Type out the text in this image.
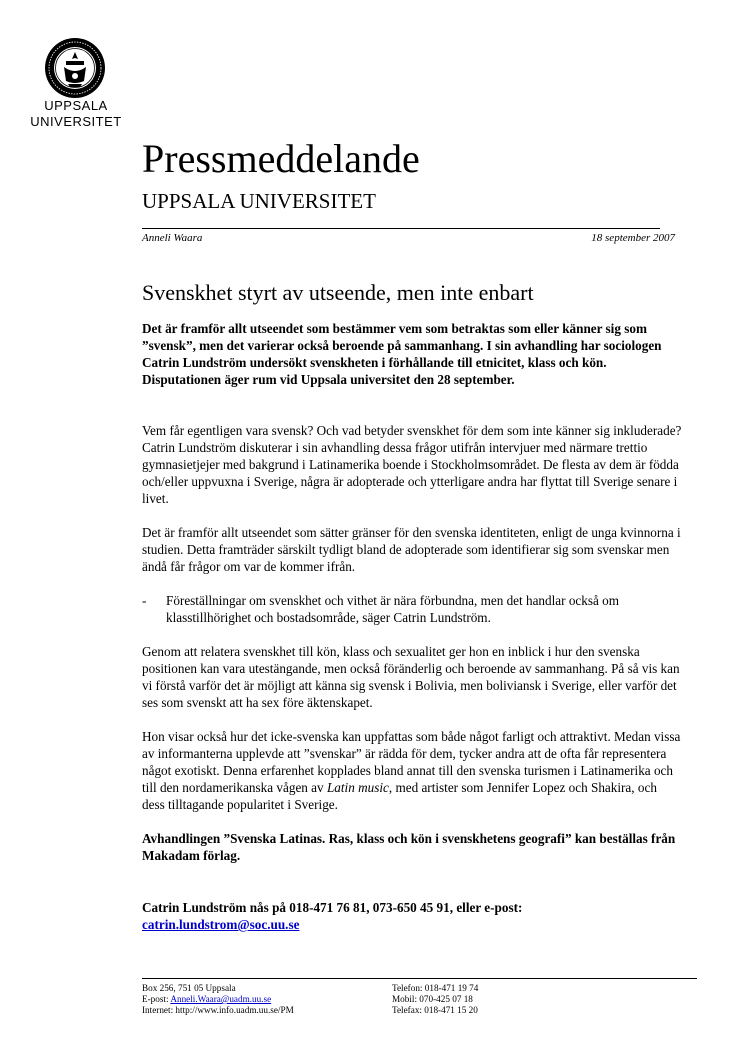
UPPSALA
UNIVERSITET
Pressmeddelande
UPPSALA UNIVERSITET
Anneli Waara	18 september 2007
Svenskhet styrt av utseende, men inte enbart

Det är framför allt utseendet som bestämmer vem som betraktas som eller känner sig som ”svensk”, men det varierar också beroende på sammanhang. I sin avhandling har sociologen Catrin Lundström undersökt svenskheten i förhållande till etnicitet, klass och kön. Disputationen äger rum vid Uppsala universitet den 28 september.

Vem får egentligen vara svensk? Och vad betyder svenskhet för dem som inte känner sig inkluderade? Catrin Lundström diskuterar i sin avhandling dessa frågor utifrån intervjuer med närmare trettio gymnasietjejer med bakgrund i Latinamerika boende i Stockholmsområdet. De flesta av dem är födda och/eller uppvuxna i Sverige, några är adopterade och ytterligare andra har flyttat till Sverige senare i livet.

Det är framför allt utseendet som sätter gränser för den svenska identiteten, enligt de unga kvinnorna i studien. Detta framträder särskilt tydligt bland de adopterade som identifierar sig som svenskar men ändå får frågor om var de kommer ifrån.

- Föreställningar om svenskhet och vithet är nära förbundna, men det handlar också om klasstillhörighet och bostadsområde, säger Catrin Lundström.

Genom att relatera svenskhet till kön, klass och sexualitet ger hon en inblick i hur den svenska positionen kan vara utestängande, men också föränderlig och beroende av sammanhang. På så vis kan vi förstå varför det är möjligt att känna sig svensk i Bolivia, men boliviansk i Sverige, eller varför det ses som svenskt att ha sex före äktenskapet.

Hon visar också hur det icke-svenska kan uppfattas som både något farligt och attraktivt. Medan vissa av informanterna upplevde att ”svenskar” är rädda för dem, tycker andra att de ofta får representera något exotiskt. Denna erfarenhet kopplades bland annat till den svenska turismen i Latinamerika och till den nordamerikanska vågen av Latin music, med artister som Jennifer Lopez och Shakira, och dess tilltagande popularitet i Sverige.

Avhandlingen ”Svenska Latinas. Ras, klass och kön i svenskhetens geografi” kan beställas från Makadam förlag.

Catrin Lundström nås på 018-471 76 81, 073-650 45 91, eller e-post:
catrin.lundstrom@soc.uu.se

Box 256, 751 05 Uppsala
E-post: Anneli.Waara@uadm.uu.se
Internet: http://www.info.uadm.uu.se/PM
Telefon: 018-471 19 74
Mobil: 070-425 07 18
Telefax: 018-471 15 20
